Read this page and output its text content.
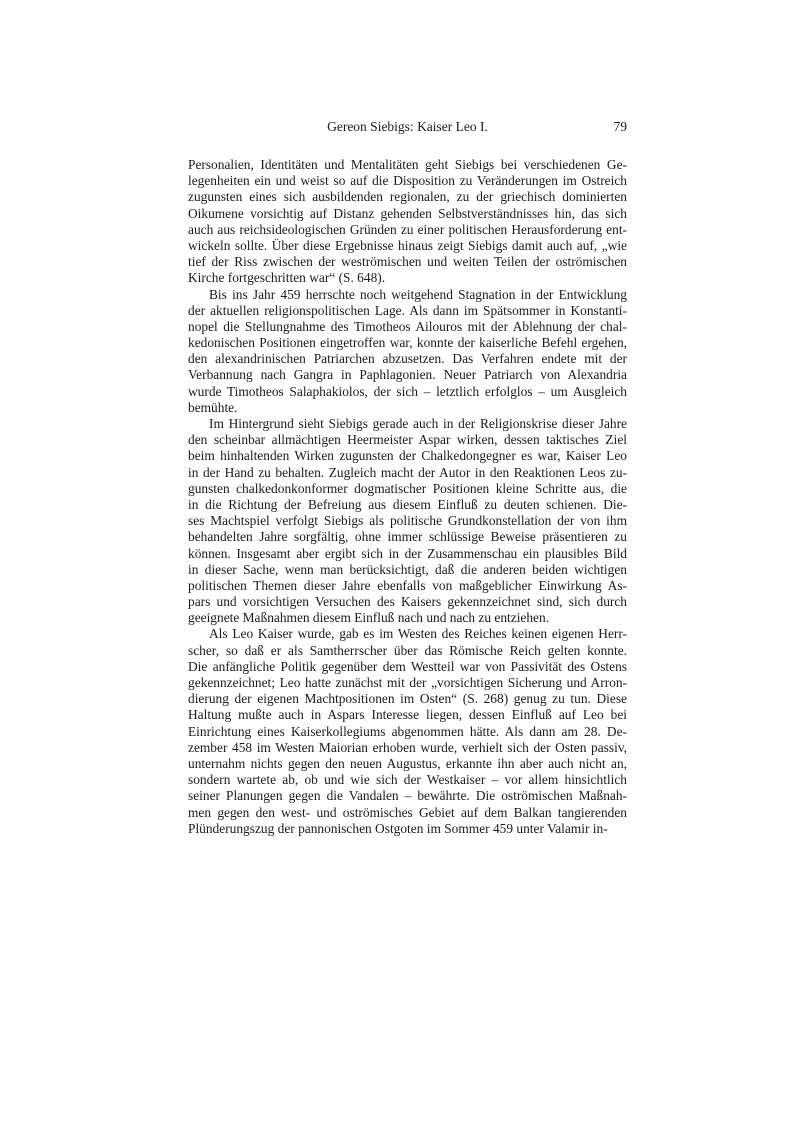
Gereon Siebigs: Kaiser Leo I.	79
Personalien, Identitäten und Mentalitäten geht Siebigs bei verschiedenen Ge-
legenheiten ein und weist so auf die Disposition zu Veränderungen im Ostreich
zugunsten eines sich ausbildenden regionalen, zu der griechisch dominierten
Oikumene vorsichtig auf Distanz gehenden Selbstverständnisses hin, das sich
auch aus reichsideologischen Gründen zu einer politischen Herausforderung ent-
wickeln sollte. Über diese Ergebnisse hinaus zeigt Siebigs damit auch auf, „wie
tief der Riss zwischen der weströmischen und weiten Teilen der oströmischen
Kirche fortgeschritten war“ (S. 648).
Bis ins Jahr 459 herrschte noch weitgehend Stagnation in der Entwicklung
der aktuellen religionspolitischen Lage. Als dann im Spätsommer in Konstanti-
nopel die Stellungnahme des Timotheos Ailouros mit der Ablehnung der chal-
kedonischen Positionen eingetroffen war, konnte der kaiserliche Befehl ergehen,
den alexandrinischen Patriarchen abzusetzen. Das Verfahren endete mit der
Verbannung nach Gangra in Paphlagonien. Neuer Patriarch von Alexandria
wurde Timotheos Salaphakiolos, der sich – letztlich erfolglos – um Ausgleich
bemühte.
Im Hintergrund sieht Siebigs gerade auch in der Religionskrise dieser Jahre
den scheinbar allmächtigen Heermeister Aspar wirken, dessen taktisches Ziel
beim hinhaltenden Wirken zugunsten der Chalkedongegner es war, Kaiser Leo
in der Hand zu behalten. Zugleich macht der Autor in den Reaktionen Leos zu-
gunsten chalkedonkonformer dogmatischer Positionen kleine Schritte aus, die
in die Richtung der Befreiung aus diesem Einfluß zu deuten schienen. Die-
ses Machtspiel verfolgt Siebigs als politische Grundkonstellation der von ihm
behandelten Jahre sorgfältig, ohne immer schlüssige Beweise präsentieren zu
können. Insgesamt aber ergibt sich in der Zusammenschau ein plausibles Bild
in dieser Sache, wenn man berücksichtigt, daß die anderen beiden wichtigen
politischen Themen dieser Jahre ebenfalls von maßgeblicher Einwirkung As-
pars und vorsichtigen Versuchen des Kaisers gekennzeichnet sind, sich durch
geeignete Maßnahmen diesem Einfluß nach und nach zu entziehen.
Als Leo Kaiser wurde, gab es im Westen des Reiches keinen eigenen Herr-
scher, so daß er als Samtherrscher über das Römische Reich gelten konnte.
Die anfängliche Politik gegenüber dem Westteil war von Passivität des Ostens
gekennzeichnet; Leo hatte zunächst mit der „vorsichtigen Sicherung und Arron-
dierung der eigenen Machtpositionen im Osten“ (S. 268) genug zu tun. Diese
Haltung mußte auch in Aspars Interesse liegen, dessen Einfluß auf Leo bei
Einrichtung eines Kaiserkollegiums abgenommen hätte. Als dann am 28. De-
zember 458 im Westen Maiorian erhoben wurde, verhielt sich der Osten passiv,
unternahm nichts gegen den neuen Augustus, erkannte ihn aber auch nicht an,
sondern wartete ab, ob und wie sich der Westkaiser – vor allem hinsichtlich
seiner Planungen gegen die Vandalen – bewährte. Die oströmischen Maßnah-
men gegen den west- und oströmisches Gebiet auf dem Balkan tangierenden
Plünderungszug der pannonischen Ostgoten im Sommer 459 unter Valamir in-
